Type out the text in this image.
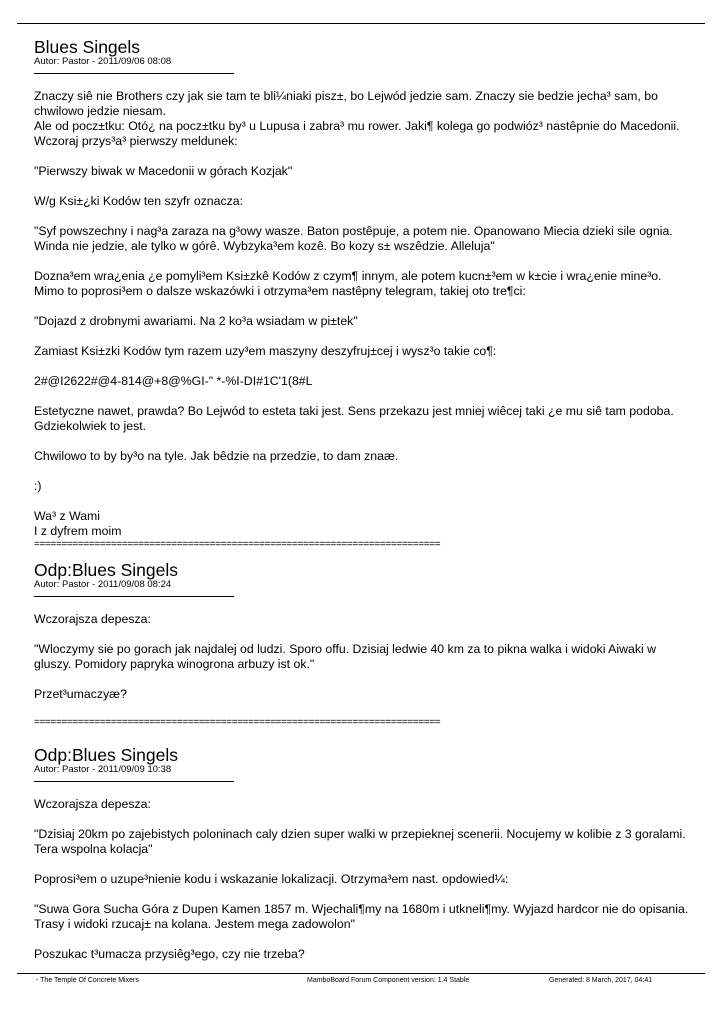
Blues Singels
Autor: Pastor - 2011/09/06 08:08

Znaczy siê nie Brothers czy jak sie tam te bli¼niaki pisz±, bo Lejwód jedzie sam. Znaczy sie bedzie jecha³ sam, bo chwilowo jedzie niesam.
Ale od pocz±tku: Otó¿ na pocz±tku by³ u Lupusa i zabra³ mu rower. Jaki¶ kolega go podwióz³ nastêpnie do Macedonii. Wczoraj przys³a³ pierwszy meldunek:

"Pierwszy biwak w Macedonii w górach Kozjak"

W/g Ksi±¿ki Kodów ten szyfr oznacza:

"Syf powszechny i nag³a zaraza na g³owy wasze. Baton postêpuje, a potem nie. Opanowano Miecia dzieki sile ognia. Winda nie jedzie, ale tylko w górê. Wybzyka³em kozê. Bo kozy s± wszêdzie. Alleluja"

Dozna³em wra¿enia ¿e pomyli³em Ksi±zkê Kodów z czym¶ innym, ale potem kucn±³em w k±cie i wra¿enie mine³o. Mimo to poprosi³em o dalsze wskazówki i otrzyma³em nastêpny telegram, takiej oto tre¶ci:

"Dojazd z drobnymi awariami. Na 2 ko³a wsiadam w pi±tek"

Zamiast Ksi±zki Kodów tym razem uzy³em maszyny deszyfruj±cej i wysz³o takie co¶:

2#@I2622#@4-814@+8@%GI-" *-%I-DI#1C'1(8#L

Estetyczne nawet, prawda? Bo Lejwód to esteta taki jest. Sens przekazu jest mniej wiêcej taki ¿e mu siê tam podoba. Gdziekolwiek to jest.

Chwilowo to by by³o na tyle. Jak bêdzie na przedzie, to dam znaæ.

:)

Wa³ z Wami
I z dyfrem moim

==========================================================================
Odp:Blues Singels
Autor: Pastor - 2011/09/08 08:24

Wczorajsza depesza:

"Wloczymy sie po gorach jak najdalej od ludzi. Sporo offu. Dzisiaj ledwie 40 km za to pikna walka i widoki Aiwaki w gluszy. Pomidory papryka winogrona arbuzy ist ok."

Przet³umaczyæ?

==========================================================================
Odp:Blues Singels
Autor: Pastor - 2011/09/09 10:38

Wczorajsza depesza:

"Dzisiaj 20km po zajebistych poloninach caly dzien super walki w przepieknej scenerii. Nocujemy w kolibie z 3 goralami. Tera wspolna kolacja"

Poprosi³em o uzupe³nienie kodu i wskazanie lokalizacji. Otrzyma³em nast. opdowied¼:

"Suwa Gora Sucha Góra z Dupen Kamen 1857 m. Wjechali¶my na 1680m i utkneli¶my. Wyjazd hardcor nie do opisania. Trasy i widoki rzucaj± na kolana. Jestem mega zadowolon"

Poszukac t³umacza przysiêg³ego, czy nie trzeba?

- The Temple Of Concrete Mixers	MamboBoard Forum Component version: 1.4 Stable	Generated: 8 March, 2017, 04:41
